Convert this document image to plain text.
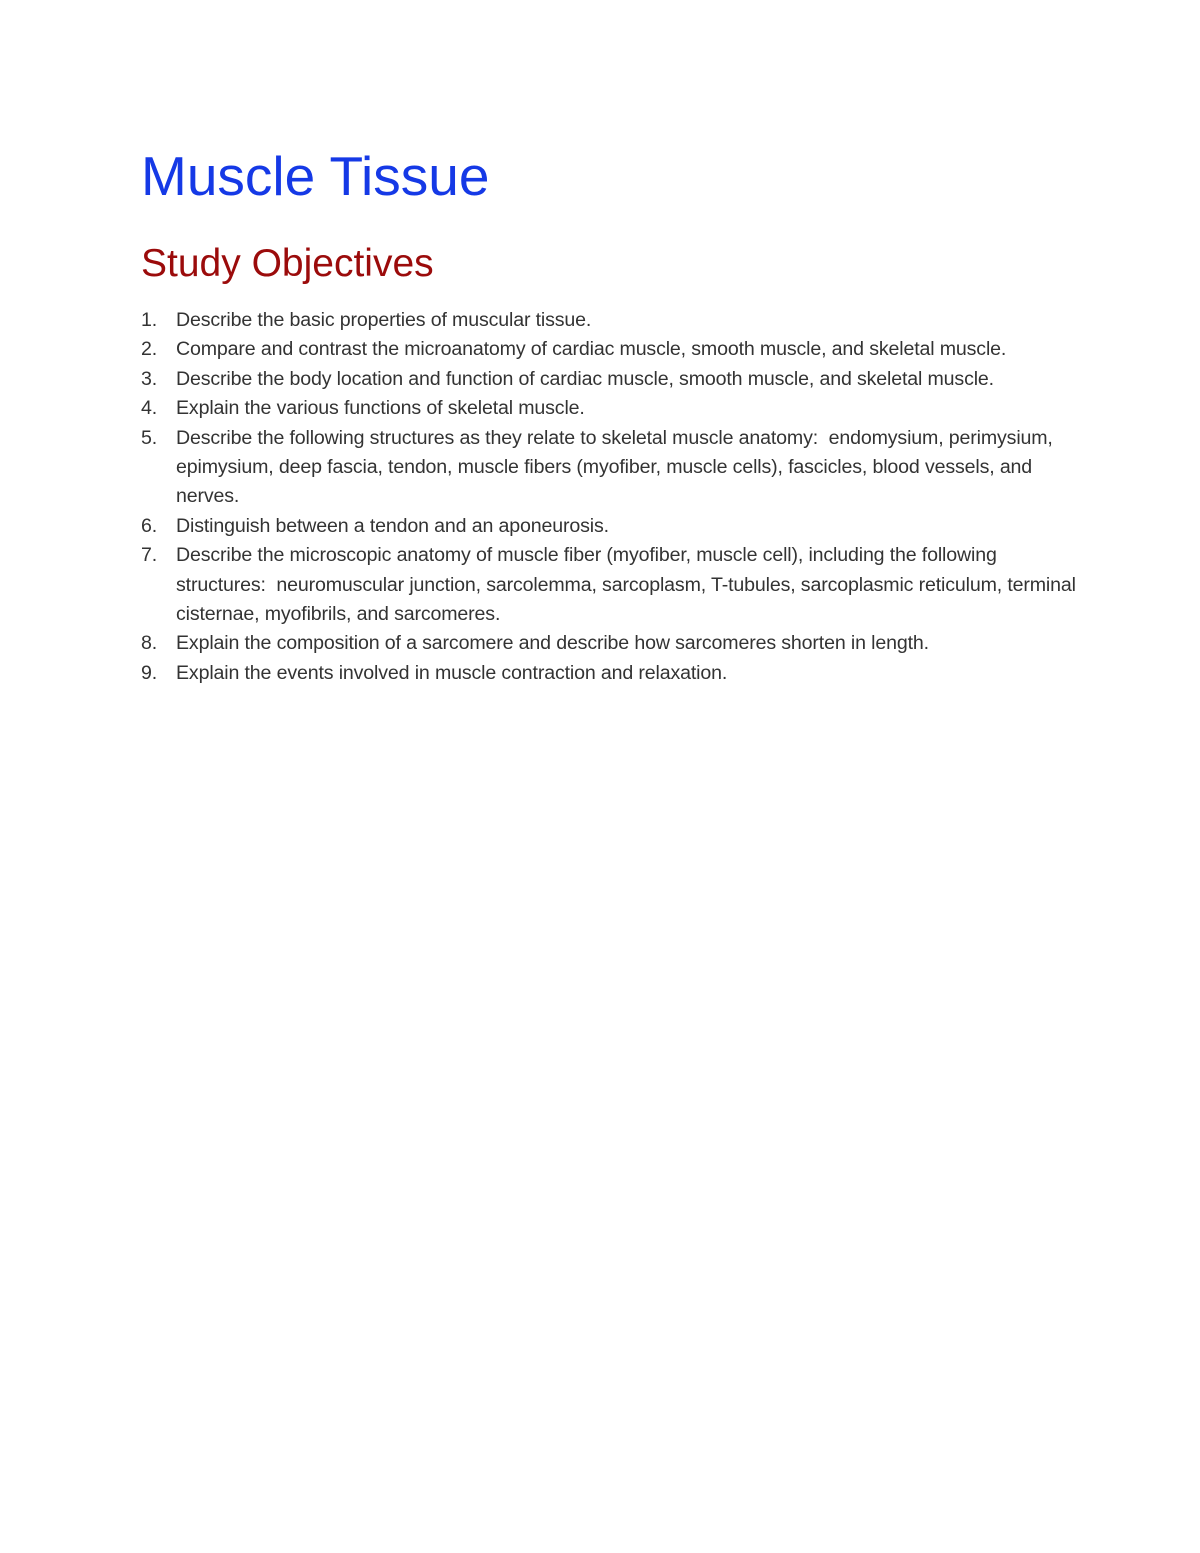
Muscle Tissue
Study Objectives
1. Describe the basic properties of muscular tissue.
2. Compare and contrast the microanatomy of cardiac muscle, smooth muscle, and skeletal muscle.
3. Describe the body location and function of cardiac muscle, smooth muscle, and skeletal muscle.
4. Explain the various functions of skeletal muscle.
5. Describe the following structures as they relate to skeletal muscle anatomy:  endomysium, perimysium, epimysium, deep fascia, tendon, muscle fibers (myofiber, muscle cells), fascicles, blood vessels, and nerves.
6. Distinguish between a tendon and an aponeurosis.
7. Describe the microscopic anatomy of muscle fiber (myofiber, muscle cell), including the following structures:  neuromuscular junction, sarcolemma, sarcoplasm, T-tubules, sarcoplasmic reticulum, terminal cisternae, myofibrils, and sarcomeres.
8. Explain the composition of a sarcomere and describe how sarcomeres shorten in length.
9. Explain the events involved in muscle contraction and relaxation.
